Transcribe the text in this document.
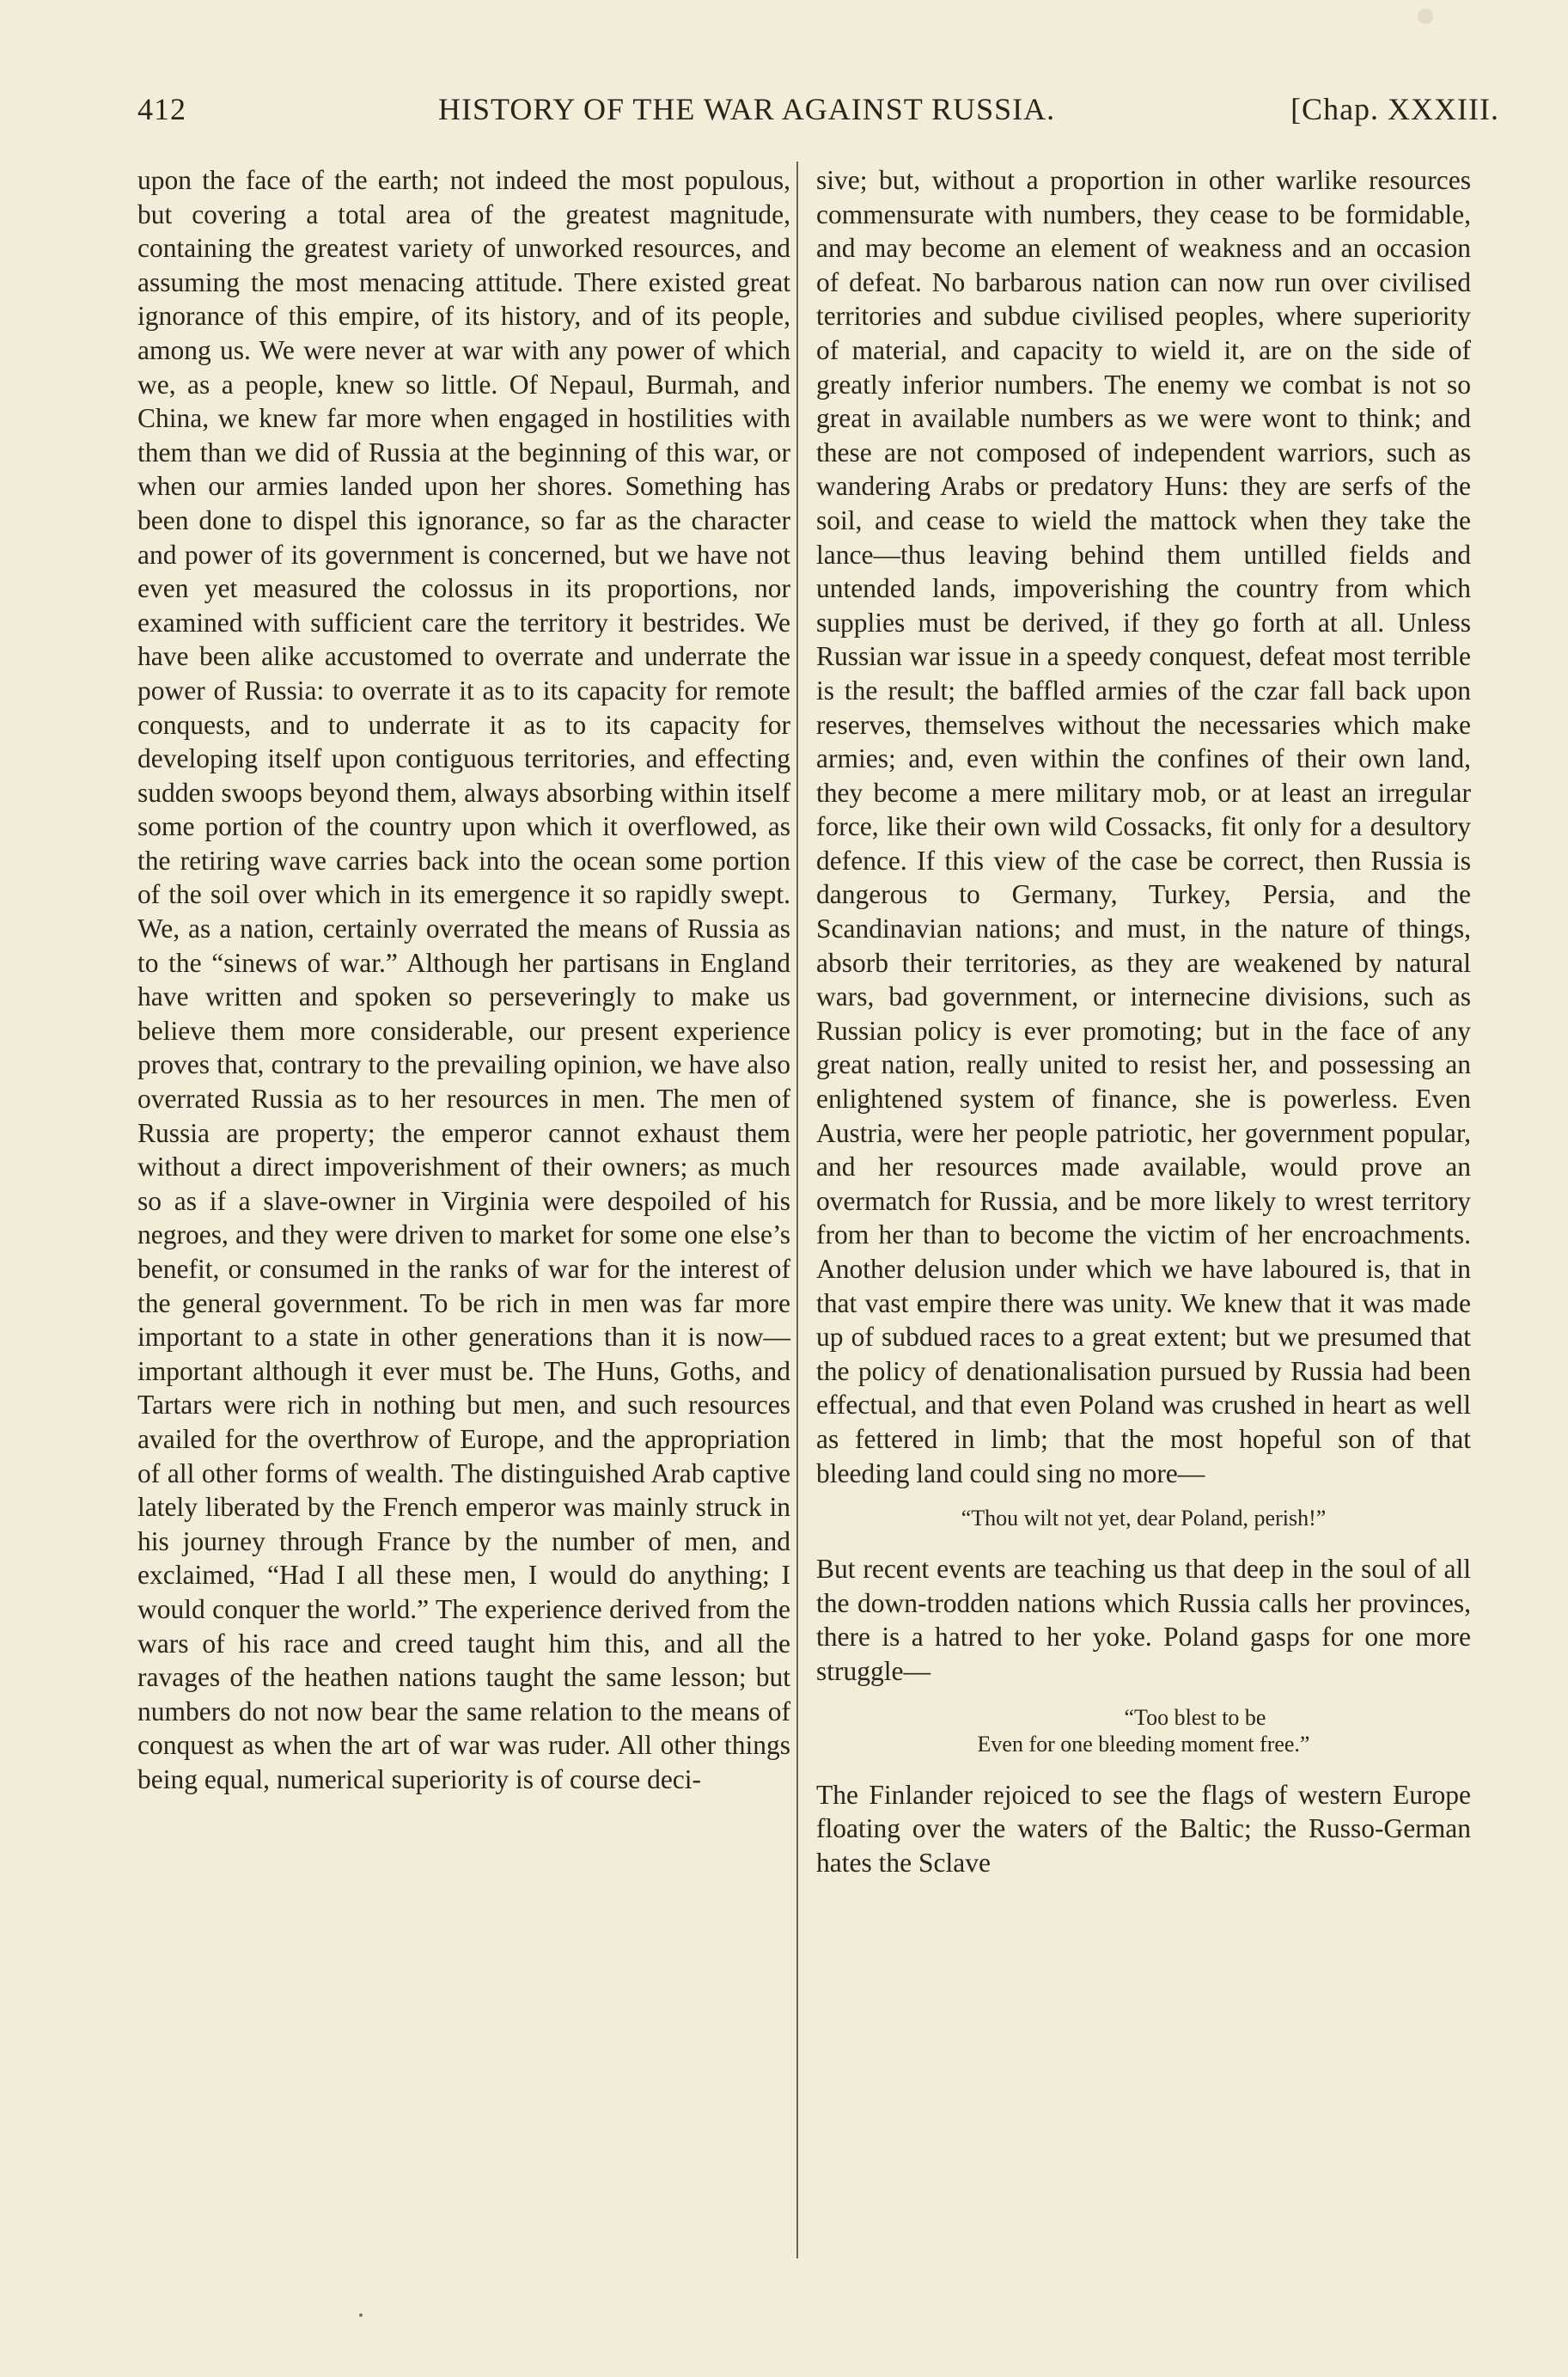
412	HISTORY OF THE WAR AGAINST RUSSIA.	[Chap. XXXIII.

upon the face of the earth; not indeed the most populous, but covering a total area of the greatest magnitude, containing the greatest variety of unworked resources, and assuming the most menacing attitude. There existed great ignorance of this empire, of its history, and of its people, among us. We were never at war with any power of which we, as a people, knew so little. Of Nepaul, Burmah, and China, we knew far more when engaged in hostilities with them than we did of Russia at the beginning of this war, or when our armies landed upon her shores. Something has been done to dispel this ignorance, so far as the character and power of its government is concerned, but we have not even yet measured the colossus in its proportions, nor examined with sufficient care the territory it bestrides. We have been alike accustomed to overrate and underrate the power of Russia: to overrate it as to its capacity for remote conquests, and to underrate it as to its capacity for developing itself upon contiguous territories, and effecting sudden swoops beyond them, always absorbing within itself some portion of the country upon which it overflowed, as the retiring wave carries back into the ocean some portion of the soil over which in its emergence it so rapidly swept. We, as a nation, certainly overrated the means of Russia as to the “sinews of war.” Although her partisans in England have written and spoken so perseveringly to make us believe them more considerable, our present experience proves that, contrary to the prevailing opinion, we have also overrated Russia as to her resources in men. The men of Russia are property; the emperor cannot exhaust them without a direct impoverishment of their owners; as much so as if a slave-owner in Virginia were despoiled of his negroes, and they were driven to market for some one else’s benefit, or consumed in the ranks of war for the interest of the general government. To be rich in men was far more important to a state in other generations than it is now—important although it ever must be. The Huns, Goths, and Tartars were rich in nothing but men, and such resources availed for the overthrow of Europe, and the appropriation of all other forms of wealth. The distinguished Arab captive lately liberated by the French emperor was mainly struck in his journey through France by the number of men, and exclaimed, “Had I all these men, I would do anything; I would conquer the world.” The experience derived from the wars of his race and creed taught him this, and all the ravages of the heathen nations taught the same lesson; but numbers do not now bear the same relation to the means of conquest as when the art of war was ruder. All other things being equal, numerical superiority is of course deci-

sive; but, without a proportion in other warlike resources commensurate with numbers, they cease to be formidable, and may become an element of weakness and an occasion of defeat. No barbarous nation can now run over civilised territories and subdue civilised peoples, where superiority of material, and capacity to wield it, are on the side of greatly inferior numbers. The enemy we combat is not so great in available numbers as we were wont to think; and these are not composed of independent warriors, such as wandering Arabs or predatory Huns: they are serfs of the soil, and cease to wield the mattock when they take the lance—thus leaving behind them untilled fields and untended lands, impoverishing the country from which supplies must be derived, if they go forth at all. Unless Russian war issue in a speedy conquest, defeat most terrible is the result; the baffled armies of the czar fall back upon reserves, themselves without the necessaries which make armies; and, even within the confines of their own land, they become a mere military mob, or at least an irregular force, like their own wild Cossacks, fit only for a desultory defence. If this view of the case be correct, then Russia is dangerous to Germany, Turkey, Persia, and the Scandinavian nations; and must, in the nature of things, absorb their territories, as they are weakened by natural wars, bad government, or internecine divisions, such as Russian policy is ever promoting; but in the face of any great nation, really united to resist her, and possessing an enlightened system of finance, she is powerless. Even Austria, were her people patriotic, her government popular, and her resources made available, would prove an overmatch for Russia, and be more likely to wrest territory from her than to become the victim of her encroachments. Another delusion under which we have laboured is, that in that vast empire there was unity. We knew that it was made up of subdued races to a great extent; but we presumed that the policy of denationalisation pursued by Russia had been effectual, and that even Poland was crushed in heart as well as fettered in limb; that the most hopeful son of that bleeding land could sing no more—

“Thou wilt not yet, dear Poland, perish!”

But recent events are teaching us that deep in the soul of all the down-trodden nations which Russia calls her provinces, there is a hatred to her yoke. Poland gasps for one more struggle—

“Too blest to be
Even for one bleeding moment free.”

The Finlander rejoiced to see the flags of western Europe floating over the waters of the Baltic; the Russo-German hates the Sclave
